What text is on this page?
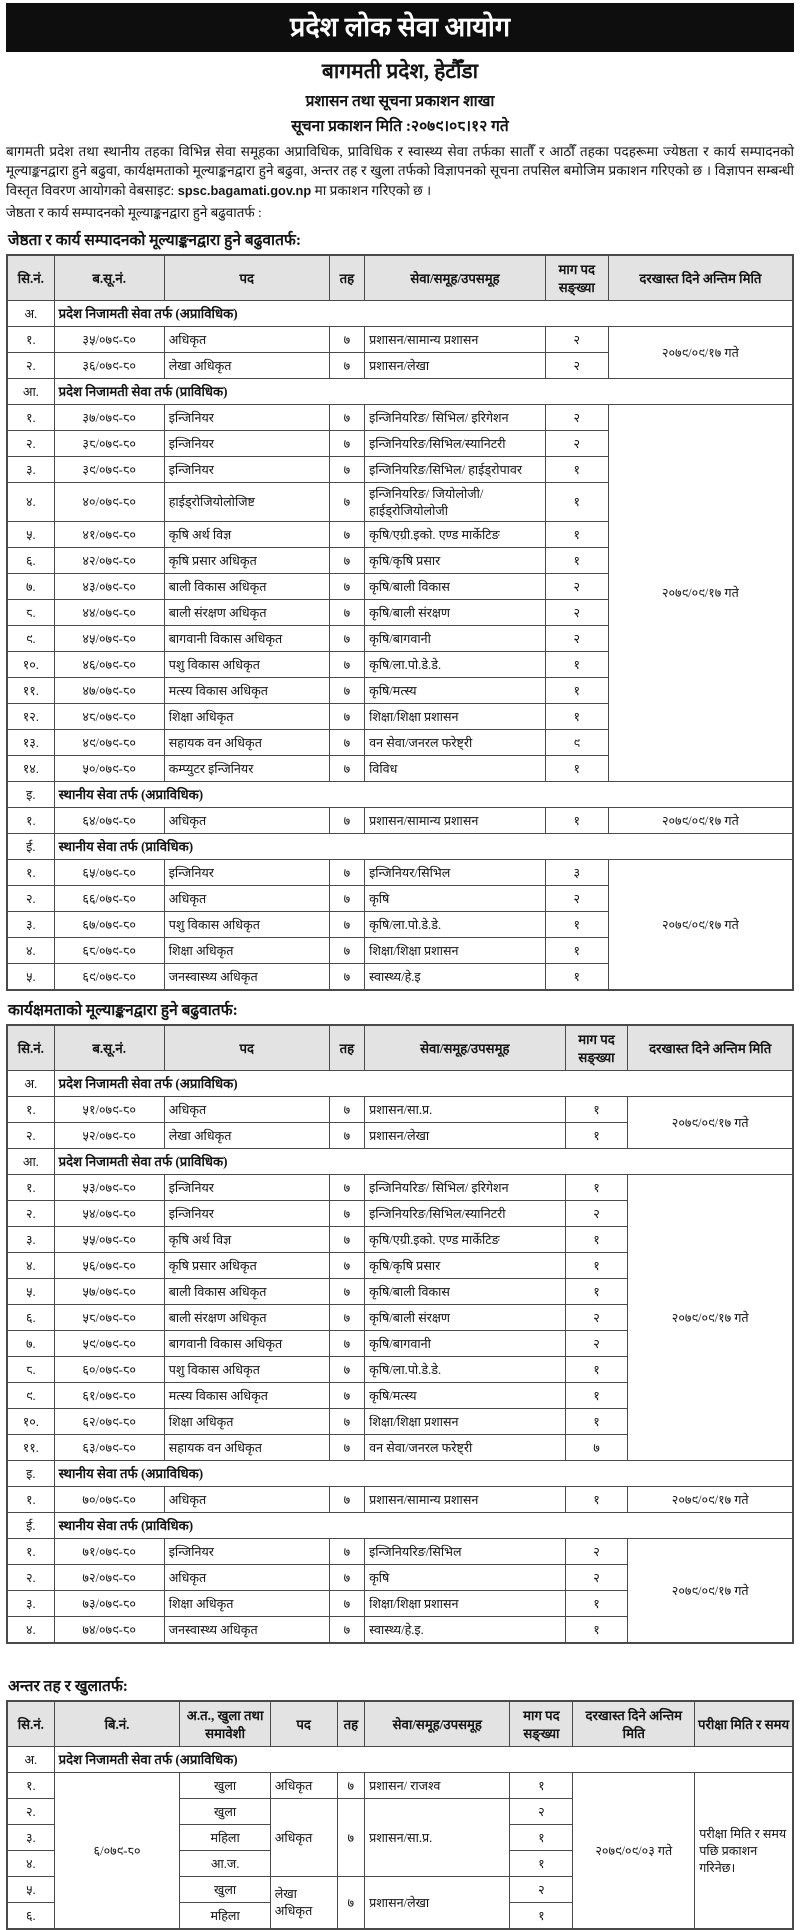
प्रदेश लोक सेवा आयोग
बागमती प्रदेश, हेटौँडा
प्रशासन तथा सूचना प्रकाशन शाखा
सूचना प्रकाशन मिति :२०७९।०८।१२ गते

बागमती प्रदेश तथा स्थानीय तहका विभिन्न सेवा समूहका अप्राविधिक, प्राविधिक र स्वास्थ्य सेवा तर्फका सातौँ र आठौँ तहका पदहरूमा ज्येष्ठता र कार्य सम्पादनको मूल्याङ्कनद्वारा हुने बढुवा, कार्यक्षमताको मूल्याङ्कनद्वारा हुने बढुवा, अन्तर तह र खुला तर्फको विज्ञापनको सूचना तपसिल बमोजिम प्रकाशन गरिएको छ । विज्ञापन सम्बन्धी विस्तृत विवरण आयोगको वेबसाइट: spsc.bagamati.gov.np मा प्रकाशन गरिएको छ ।

जेष्ठता र कार्य सम्पादनको मूल्याङ्कनद्वारा हुने बढुवातर्फ :
जेष्ठता र कार्य सम्पादनको मूल्याङ्कनद्वारा हुने बढुवातर्फ:
सि.नं.	ब.सू.नं.	पद	तह	सेवा/समूह/उपसमूह	माग पद सङ्ख्या	दरखास्त दिने अन्तिम मिति
अ.	प्रदेश निजामती सेवा तर्फ (अप्राविधिक)					
१.	३५/०७९-८०	अधिकृत	७	प्रशासन/सामान्य प्रशासन	२	२०७९/०९/१७ गते
२.	३६/०७९-८०	लेखा अधिकृत	७	प्रशासन/लेखा	२	
आ.	प्रदेश निजामती सेवा तर्फ (प्राविधिक)					
१.	३७/०७९-८०	इन्जिनियर	७	इन्जिनियरिङ/ सिभिल/ इरिगेशन	२	२०७९/०९/१७ गते
२.	३८/०७९-८०	इन्जिनियर	७	इन्जिनियरिङ/सिभिल/स्यानिटरी	२	
३.	३९/०७९-८०	इन्जिनियर	७	इन्जिनियरिङ/सिभिल/ हाईड्रोपावर	१	
४.	४०/०७९-८०	हाईड्रोजियोलोजिष्ट	७	इन्जिनियरिङ/ जियोलोजी/ हाईड्रोजियोलोजी	१	
५.	४१/०७९-८०	कृषि अर्थ विज्ञ	७	कृषि/एग्री.इको. एण्ड मार्केटिङ	१	
६.	४२/०७९-८०	कृषि प्रसार अधिकृत	७	कृषि/कृषि प्रसार	१	
७.	४३/०७९-८०	बाली विकास अधिकृत	७	कृषि/बाली विकास	२	
८.	४४/०७९-८०	बाली संरक्षण अधिकृत	७	कृषि/बाली संरक्षण	२	
९.	४५/०७९-८०	बागवानी विकास अधिकृत	७	कृषि/बागवानी	२	
१०.	४६/०७९-८०	पशु विकास अधिकृत	७	कृषि/ला.पो.डे.डे.	१	
११.	४७/०७९-८०	मत्स्य विकास अधिकृत	७	कृषि/मत्स्य	१	
१२.	४८/०७९-८०	शिक्षा अधिकृत	७	शिक्षा/शिक्षा प्रशासन	१	
१३.	४९/०७९-८०	सहायक वन अधिकृत	७	वन सेवा/जनरल फरेष्ट्री	९	
१४.	५०/०७९-८०	कम्प्युटर इन्जिनियर	७	विविध	१	
इ.	स्थानीय सेवा तर्फ (अप्राविधिक)					
१.	६४/०७९-८०	अधिकृत	७	प्रशासन/सामान्य प्रशासन	१	२०७९/०९/१७ गते
ई.	स्थानीय सेवा तर्फ (प्राविधिक)					
१.	६५/०७९-८०	इन्जिनियर	७	इन्जिनियर/सिभिल	३	२०७९/०९/१७ गते
२.	६६/०७९-८०	अधिकृत	७	कृषि	२	
३.	६७/०७९-८०	पशु विकास अधिकृत	७	कृषि/ला.पो.डे.डे.	१	
४.	६८/०७९-८०	शिक्षा अधिकृत	७	शिक्षा/शिक्षा प्रशासन	१	
५.	६९/०७९-८०	जनस्वास्थ्य अधिकृत	७	स्वास्थ्य/हे.इ	१	
कार्यक्षमताको मूल्याङ्कनद्वारा हुने बढुवातर्फ:
सि.नं.	ब.सू.नं.	पद	तह	सेवा/समूह/उपसमूह	माग पद सङ्ख्या	दरखास्त दिने अन्तिम मिति
अ.	प्रदेश निजामती सेवा तर्फ (अप्राविधिक)					
१.	५१/०७९-८०	अधिकृत	७	प्रशासन/सा.प्र.	१	२०७९/०९/१७ गते
२.	५२/०७९-८०	लेखा अधिकृत	७	प्रशासन/लेखा	१	
आ.	प्रदेश निजामती सेवा तर्फ (प्राविधिक)					
१.	५३/०७९-८०	इन्जिनियर	७	इन्जिनियरिङ/ सिभिल/ इरिगेशन	१	२०७९/०९/१७ गते
२.	५४/०७९-८०	इन्जिनियर	७	इन्जिनियरिङ/सिभिल/स्यानिटरी	२	
३.	५५/०७९-८०	कृषि अर्थ विज्ञ	७	कृषि/एग्री.इको. एण्ड मार्केटिङ	१	
४.	५६/०७९-८०	कृषि प्रसार अधिकृत	७	कृषि/कृषि प्रसार	१	
५.	५७/०७९-८०	बाली विकास अधिकृत	७	कृषि/बाली विकास	१	
६.	५८/०७९-८०	बाली संरक्षण अधिकृत	७	कृषि/बाली संरक्षण	२	
७.	५९/०७९-८०	बागवानी विकास अधिकृत	७	कृषि/बागवानी	२	
८.	६०/०७९-८०	पशु विकास अधिकृत	७	कृषि/ला.पो.डे.डे.	१	
९.	६१/०७९-८०	मत्स्य विकास अधिकृत	७	कृषि/मत्स्य	१	
१०.	६२/०७९-८०	शिक्षा अधिकृत	७	शिक्षा/शिक्षा प्रशासन	१	
११.	६३/०७९-८०	सहायक वन अधिकृत	७	वन सेवा/जनरल फरेष्ट्री	७	
इ.	स्थानीय सेवा तर्फ (अप्राविधिक)					
१.	७०/०७९-८०	अधिकृत	७	प्रशासन/सामान्य प्रशासन	१	२०७९/०९/१७ गते
ई.	स्थानीय सेवा तर्फ (प्राविधिक)					
१.	७१/०७९-८०	इन्जिनियर	७	इन्जिनियरिङ/सिभिल	२	२०७९/०९/१७ गते
२.	७२/०७९-८०	अधिकृत	७	कृषि	२	
३.	७३/०७९-८०	शिक्षा अधिकृत	७	शिक्षा/शिक्षा प्रशासन	१	
४.	७४/०७९-८०	जनस्वास्थ्य अधिकृत	७	स्वास्थ्य/हे.इ.	१	
अन्तर तह र खुलातर्फ:
सि.नं.	बि.नं.	अ.त., खुला तथा समावेशी	पद	तह	सेवा/समूह/उपसमूह	माग पद सङ्ख्या	दरखास्त दिने अन्तिम मिति	परीक्षा मिति र समय
अ.	प्रदेश निजामती सेवा तर्फ (अप्राविधिक)							
१.	६/०७९-८०	खुला	अधिकृत	७	प्रशासन/ राजश्व	१	२०७९/०९/०३ गते	परीक्षा मिति र समय पछि प्रकाशन गरिनेछ।
२.		खुला	अधिकृत	७	प्रशासन/सा.प्र.	२		
३.		महिला				१		
४.		आ.ज.				१		
५.		खुला	लेखा अधिकृत	७	प्रशासन/लेखा	२		
६.		महिला				१		
